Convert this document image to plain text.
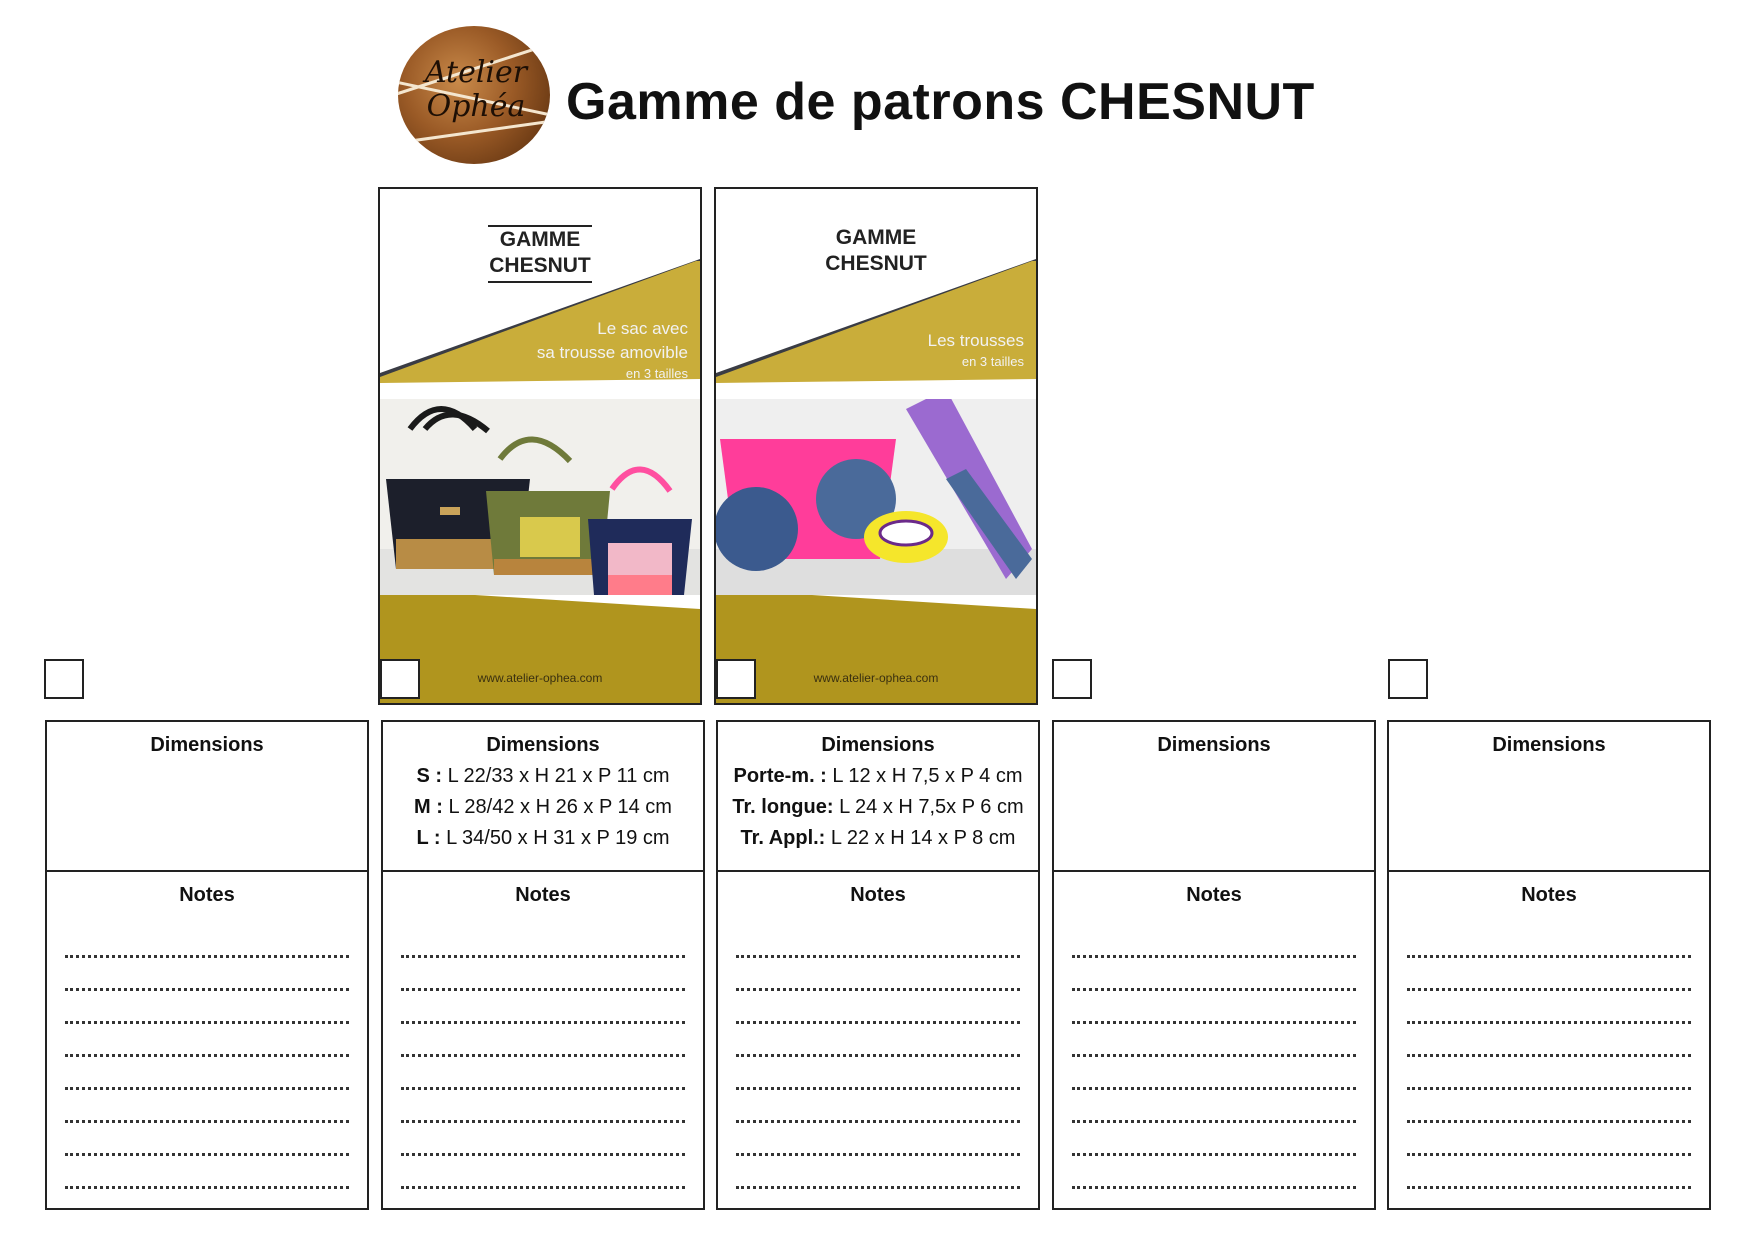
Atelier Ophéa Gamme de patrons CHESNUT
GAMME
CHESNUT
Le sac avec
sa trousse amovible
en 3 tailles
www.atelier-ophea.com
GAMME
CHESNUT
Les trousses
en 3 tailles
www.atelier-ophea.com
Dimensions
Notes
Dimensions
S : L 22/33 x H 21 x P 11 cm
M : L 28/42 x H 26 x P 14 cm
L : L 34/50 x H 31 x P 19 cm
Notes
Dimensions
Porte-m. : L 12 x H 7,5 x P 4 cm
Tr. longue: L 24 x H 7,5x P 6 cm
Tr. Appl.: L 22 x H 14 x P 8 cm
Notes
Dimensions
Notes
Dimensions
Notes
